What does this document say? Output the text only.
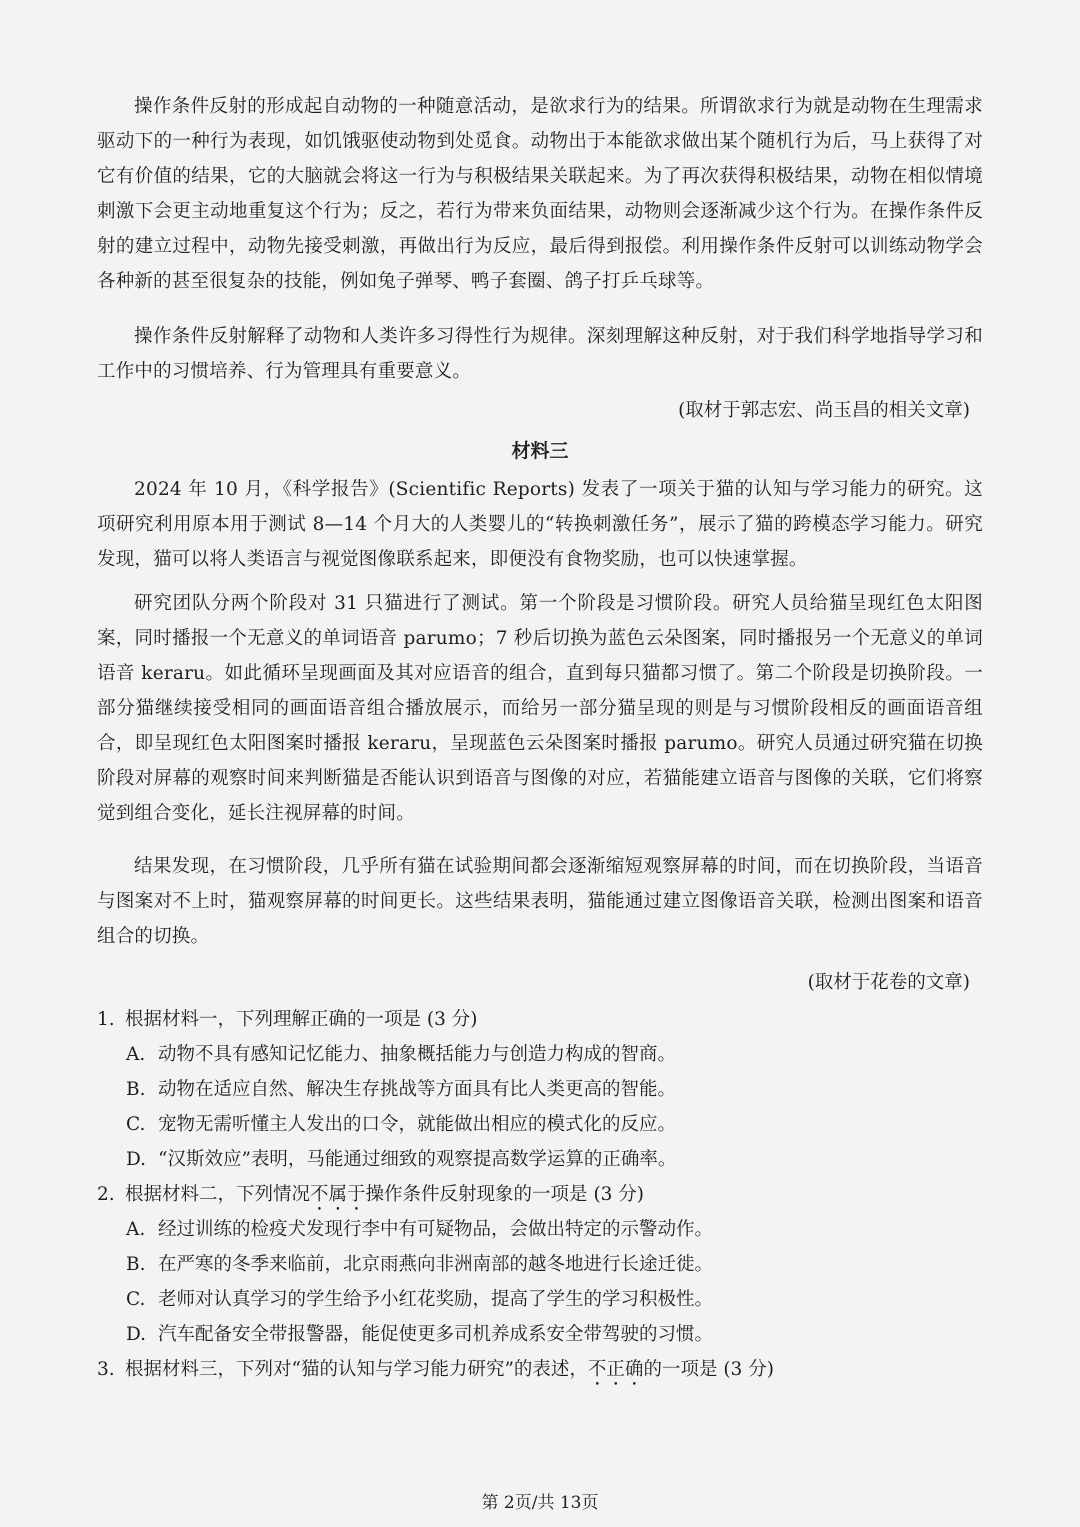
操作条件反射的形成起自动物的一种随意活动，是欲求行为的结果。所谓欲求行为就是动物在生理需求驱动下的一种行为表现，如饥饿驱使动物到处觅食。动物出于本能欲求做出某个随机行为后，马上获得了对它有价值的结果，它的大脑就会将这一行为与积极结果关联起来。为了再次获得积极结果，动物在相似情境刺激下会更主动地重复这个行为；反之，若行为带来负面结果，动物则会逐渐减少这个行为。在操作条件反射的建立过程中，动物先接受刺激，再做出行为反应，最后得到报偿。利用操作条件反射可以训练动物学会各种新的甚至很复杂的技能，例如兔子弹琴、鸭子套圈、鸽子打乒乓球等。

操作条件反射解释了动物和人类许多习得性行为规律。深刻理解这种反射，对于我们科学地指导学习和工作中的习惯培养、行为管理具有重要意义。

(取材于郭志宏、尚玉昌的相关文章)

材料三

2024 年 10 月，《科学报告》(Scientific Reports) 发表了一项关于猫的认知与学习能力的研究。这项研究利用原本用于测试 8—14 个月大的人类婴儿的“转换刺激任务”，展示了猫的跨模态学习能力。研究发现，猫可以将人类语言与视觉图像联系起来，即便没有食物奖励，也可以快速掌握。

研究团队分两个阶段对 31 只猫进行了测试。第一个阶段是习惯阶段。研究人员给猫呈现红色太阳图案，同时播报一个无意义的单词语音 parumo；7 秒后切换为蓝色云朵图案，同时播报另一个无意义的单词语音 keraru。如此循环呈现画面及其对应语音的组合，直到每只猫都习惯了。第二个阶段是切换阶段。一部分猫继续接受相同的画面语音组合播放展示，而给另一部分猫呈现的则是与习惯阶段相反的画面语音组合，即呈现红色太阳图案时播报 keraru，呈现蓝色云朵图案时播报 parumo。研究人员通过研究猫在切换阶段对屏幕的观察时间来判断猫是否能认识到语音与图像的对应，若猫能建立语音与图像的关联，它们将察觉到组合变化，延长注视屏幕的时间。

结果发现，在习惯阶段，几乎所有猫在试验期间都会逐渐缩短观察屏幕的时间，而在切换阶段，当语音与图案对不上时，猫观察屏幕的时间更长。这些结果表明，猫能通过建立图像语音关联，检测出图案和语音组合的切换。

(取材于花卷的文章)

1. 根据材料一，下列理解正确的一项是 (3 分)

A. 动物不具有感知记忆能力、抽象概括能力与创造力构成的智商。

B. 动物在适应自然、解决生存挑战等方面具有比人类更高的智能。

C. 宠物无需听懂主人发出的口令，就能做出相应的模式化的反应。

D. “汉斯效应”表明，马能通过细致的观察提高数学运算的正确率。

2. 根据材料二，下列情况不属于操作条件反射现象的一项是 (3 分)

A. 经过训练的检疫犬发现行李中有可疑物品，会做出特定的示警动作。

B. 在严寒的冬季来临前，北京雨燕向非洲南部的越冬地进行长途迁徙。

C. 老师对认真学习的学生给予小红花奖励，提高了学生的学习积极性。

D. 汽车配备安全带报警器，能促使更多司机养成系安全带驾驶的习惯。

3. 根据材料三，下列对“猫的认知与学习能力研究”的表述，不正确的一项是 (3 分)

第 2页/共 13页
